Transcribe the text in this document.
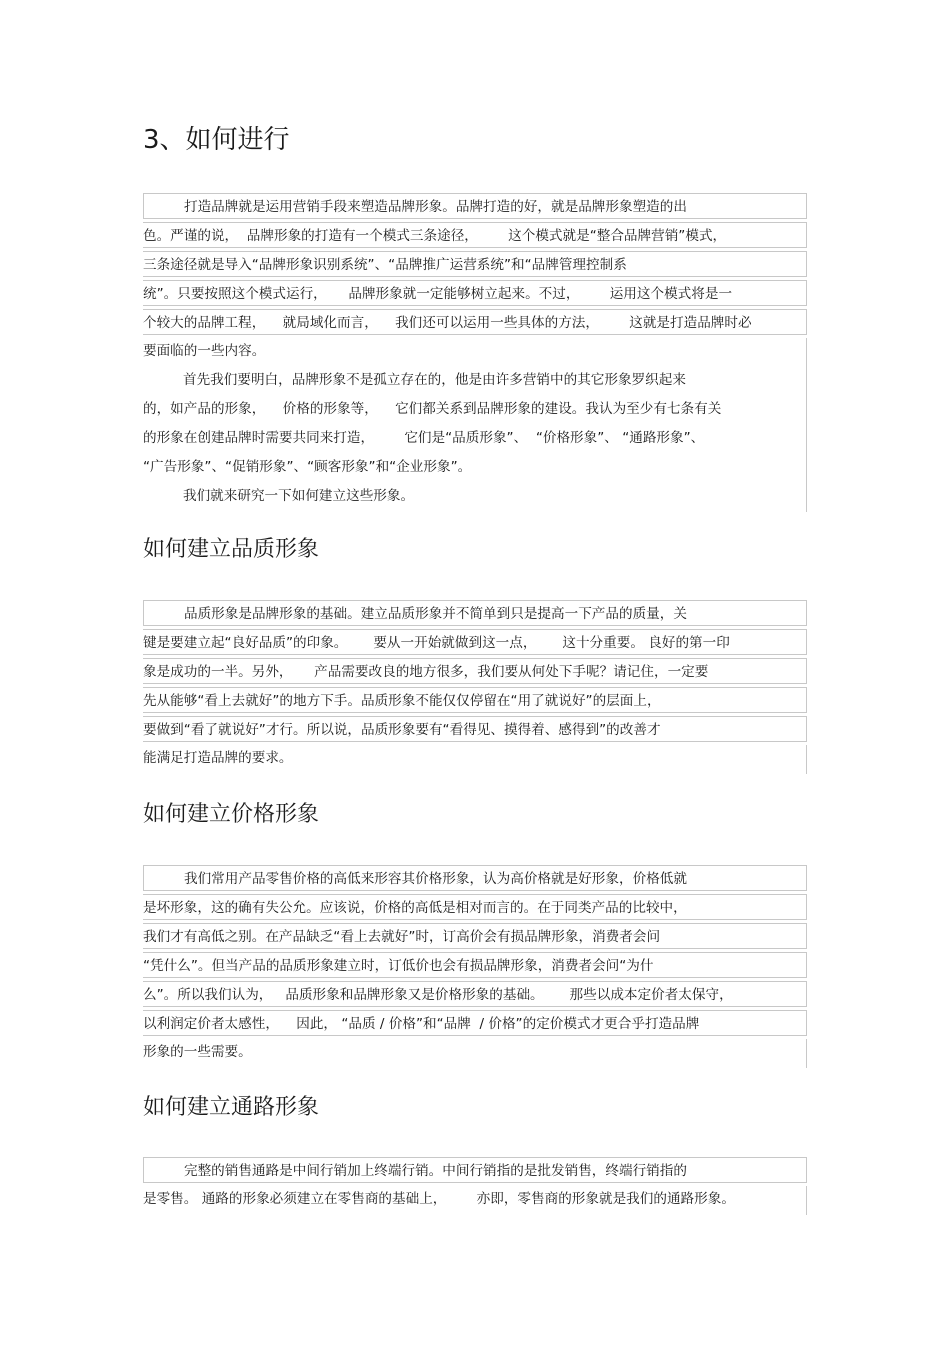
3、如何进行
打造品牌就是运用营销手段来塑造品牌形象。品牌打造的好，就是品牌形象塑造的出
色。严谨的说，  品牌形象的打造有一个模式三条途径，       这个模式就是“整合品牌营销”模式，
三条途径就是导入“品牌形象识别系统”、“品牌推广运营系统”和“品牌管理控制系
统”。只要按照这个模式运行，     品牌形象就一定能够树立起来。不过，       运用这个模式将是一
个较大的品牌工程，    就局域化而言，    我们还可以运用一些具体的方法，       这就是打造品牌时必
要面临的一些内容。
首先我们要明白，品牌形象不是孤立存在的，他是由许多营销中的其它形象罗织起来
的，如产品的形象，    价格的形象等，    它们都关系到品牌形象的建设。我认为至少有七条有关
的形象在创建品牌时需要共同来打造，       它们是“品质形象”、  “价格形象”、 “通路形象”、
“广告形象”、“促销形象”、“顾客形象”和“企业形象”。
我们就来研究一下如何建立这些形象。
如何建立品质形象
品质形象是品牌形象的基础。建立品质形象并不简单到只是提高一下产品的质量，关
键是要建立起“良好品质”的印象。      要从一开始就做到这一点，      这十分重要。 良好的第一印
象是成功的一半。另外，     产品需要改良的地方很多，我们要从何处下手呢？请记住，一定要
先从能够“看上去就好”的地方下手。品质形象不能仅仅停留在“用了就说好”的层面上，
要做到“看了就说好”才行。所以说，品质形象要有“看得见、摸得着、感得到”的改善才
能满足打造品牌的要求。
如何建立价格形象
我们常用产品零售价格的高低来形容其价格形象，认为高价格就是好形象，价格低就
是坏形象，这的确有失公允。应该说，价格的高低是相对而言的。在于同类产品的比较中，
我们才有高低之别。在产品缺乏“看上去就好”时，订高价会有损品牌形象，消费者会问
“凭什么”。但当产品的品质形象建立时，订低价也会有损品牌形象，消费者会问“为什
么”。所以我们认为，   品质形象和品牌形象又是价格形象的基础。      那些以成本定价者太保守，
以利润定价者太感性，    因此， “品质 / 价格”和“品牌  / 价格”的定价模式才更合乎打造品牌
形象的一些需要。
如何建立通路形象
完整的销售通路是中间行销加上终端行销。中间行销指的是批发销售，终端行销指的
是零售。 通路的形象必须建立在零售商的基础上，       亦即，零售商的形象就是我们的通路形象。
